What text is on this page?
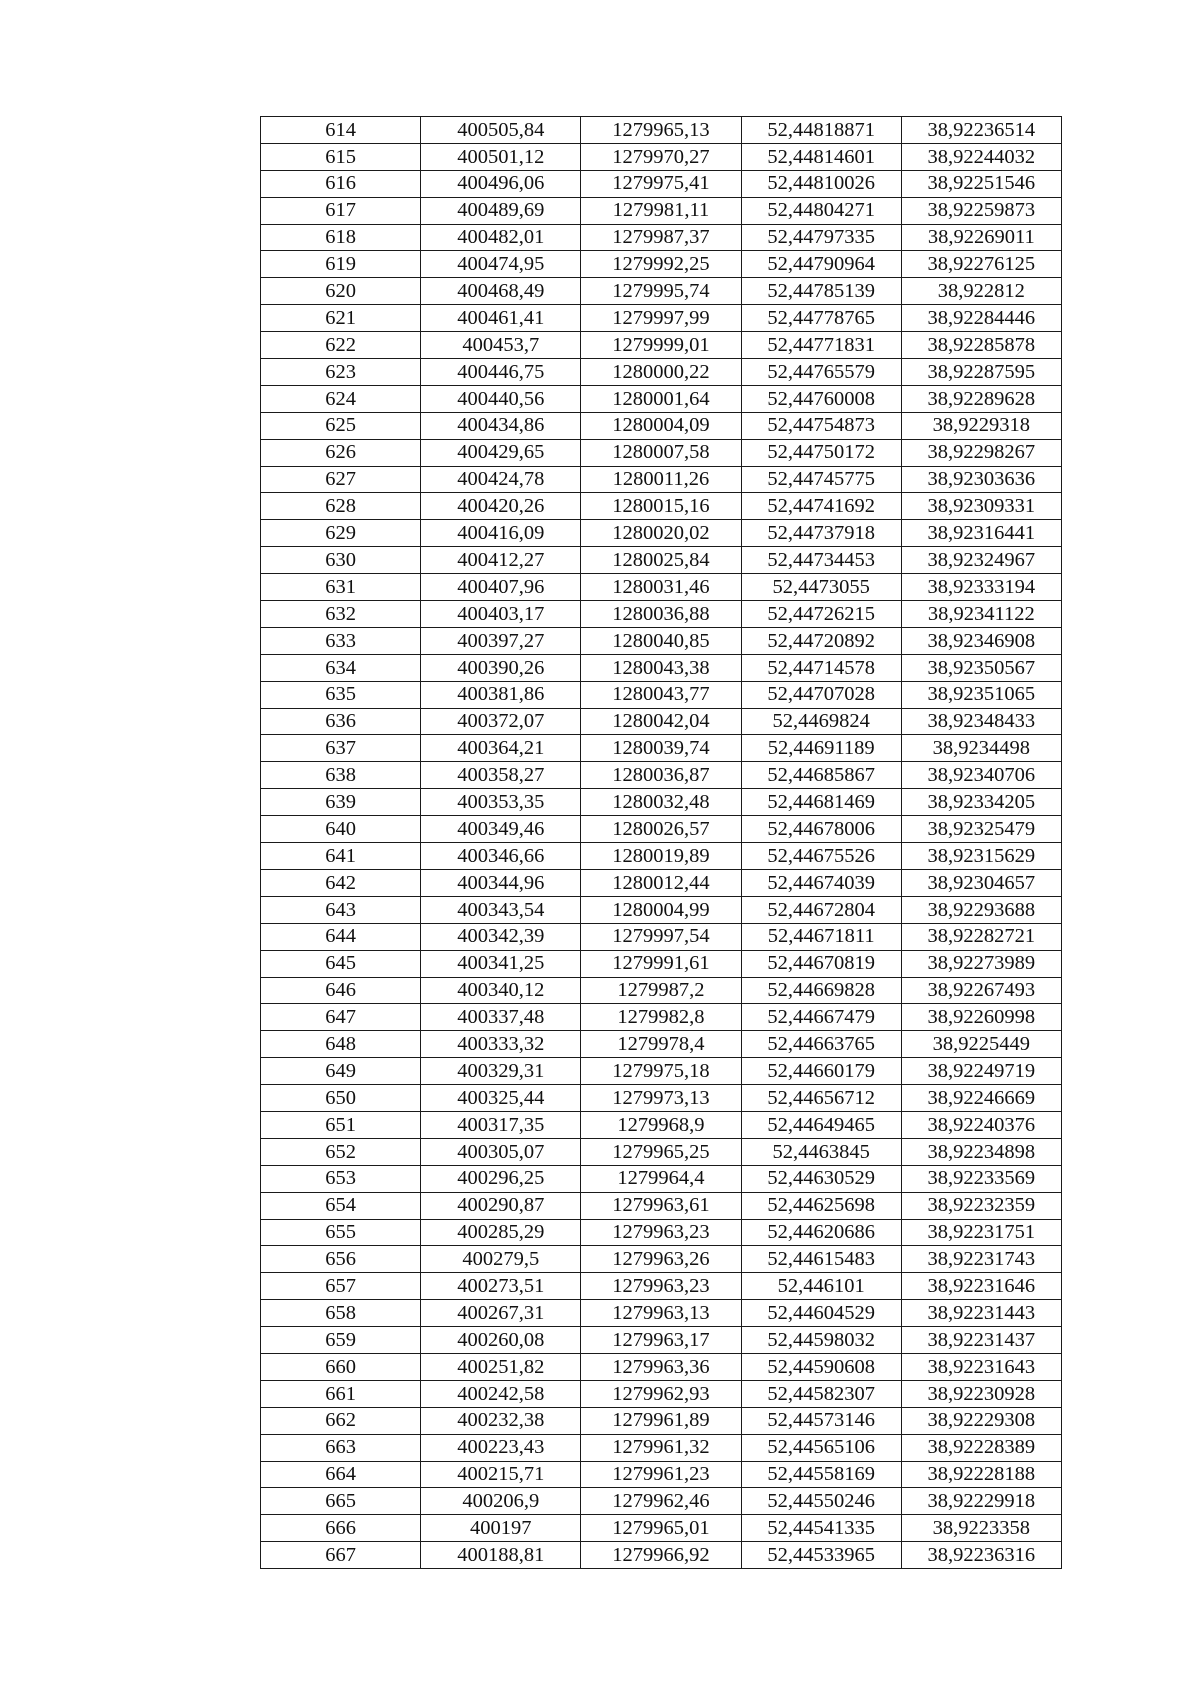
614	400505,84	1279965,13	52,44818871	38,92236514
615	400501,12	1279970,27	52,44814601	38,92244032
616	400496,06	1279975,41	52,44810026	38,92251546
617	400489,69	1279981,11	52,44804271	38,92259873
618	400482,01	1279987,37	52,44797335	38,92269011
619	400474,95	1279992,25	52,44790964	38,92276125
620	400468,49	1279995,74	52,44785139	38,922812
621	400461,41	1279997,99	52,44778765	38,92284446
622	400453,7	1279999,01	52,44771831	38,92285878
623	400446,75	1280000,22	52,44765579	38,92287595
624	400440,56	1280001,64	52,44760008	38,92289628
625	400434,86	1280004,09	52,44754873	38,9229318
626	400429,65	1280007,58	52,44750172	38,92298267
627	400424,78	1280011,26	52,44745775	38,92303636
628	400420,26	1280015,16	52,44741692	38,92309331
629	400416,09	1280020,02	52,44737918	38,92316441
630	400412,27	1280025,84	52,44734453	38,92324967
631	400407,96	1280031,46	52,4473055	38,92333194
632	400403,17	1280036,88	52,44726215	38,92341122
633	400397,27	1280040,85	52,44720892	38,92346908
634	400390,26	1280043,38	52,44714578	38,92350567
635	400381,86	1280043,77	52,44707028	38,92351065
636	400372,07	1280042,04	52,4469824	38,92348433
637	400364,21	1280039,74	52,44691189	38,9234498
638	400358,27	1280036,87	52,44685867	38,92340706
639	400353,35	1280032,48	52,44681469	38,92334205
640	400349,46	1280026,57	52,44678006	38,92325479
641	400346,66	1280019,89	52,44675526	38,92315629
642	400344,96	1280012,44	52,44674039	38,92304657
643	400343,54	1280004,99	52,44672804	38,92293688
644	400342,39	1279997,54	52,44671811	38,92282721
645	400341,25	1279991,61	52,44670819	38,92273989
646	400340,12	1279987,2	52,44669828	38,92267493
647	400337,48	1279982,8	52,44667479	38,92260998
648	400333,32	1279978,4	52,44663765	38,9225449
649	400329,31	1279975,18	52,44660179	38,92249719
650	400325,44	1279973,13	52,44656712	38,92246669
651	400317,35	1279968,9	52,44649465	38,92240376
652	400305,07	1279965,25	52,4463845	38,92234898
653	400296,25	1279964,4	52,44630529	38,92233569
654	400290,87	1279963,61	52,44625698	38,92232359
655	400285,29	1279963,23	52,44620686	38,92231751
656	400279,5	1279963,26	52,44615483	38,92231743
657	400273,51	1279963,23	52,446101	38,92231646
658	400267,31	1279963,13	52,44604529	38,92231443
659	400260,08	1279963,17	52,44598032	38,92231437
660	400251,82	1279963,36	52,44590608	38,92231643
661	400242,58	1279962,93	52,44582307	38,92230928
662	400232,38	1279961,89	52,44573146	38,92229308
663	400223,43	1279961,32	52,44565106	38,92228389
664	400215,71	1279961,23	52,44558169	38,92228188
665	400206,9	1279962,46	52,44550246	38,92229918
666	400197	1279965,01	52,44541335	38,9223358
667	400188,81	1279966,92	52,44533965	38,92236316
